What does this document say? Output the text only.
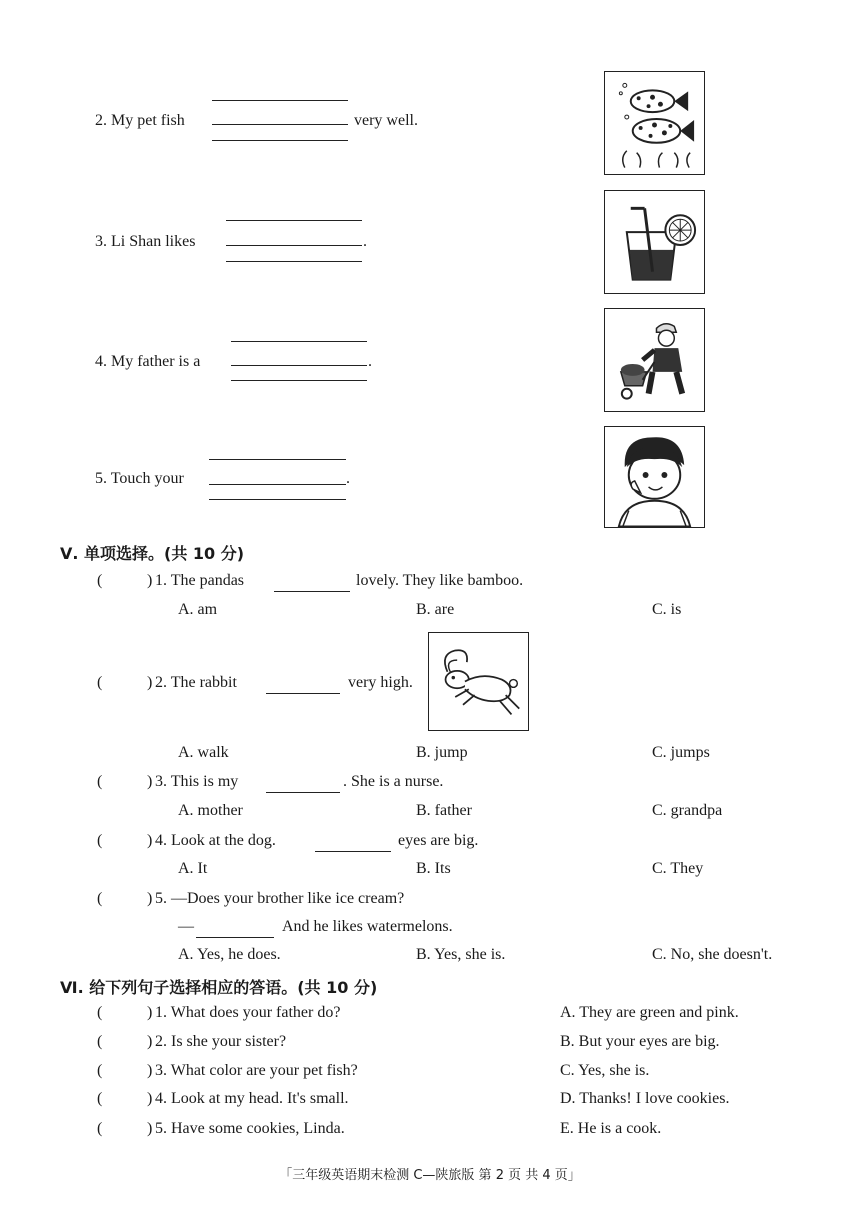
2. My pet fish	very well.
3. Li Shan likes	.
4. My father is a	.
5. Touch your	.
Ⅴ. 单项选择。(共 10 分)
(	) 1. The pandas	lovely. They like bamboo.
A. am	B. are	C. is
(	) 2. The rabbit	very high.
A. walk	B. jump	C. jumps
(	) 3. This is my	. She is a nurse.
A. mother	B. father	C. grandpa
(	) 4. Look at the dog.	eyes are big.
A. It	B. Its	C. They
(	) 5. —Does your brother like ice cream?
—	And he likes watermelons.
A. Yes, he does.	B. Yes, she is.	C. No, she doesn't.
Ⅵ. 给下列句子选择相应的答语。(共 10 分)
(	) 1. What does your father do?	A. They are green and pink.
(	) 2. Is she your sister?	B. But your eyes are big.
(	) 3. What color are your pet fish?	C. Yes, she is.
(	) 4. Look at my head. It's small.	D. Thanks! I love cookies.
(	) 5. Have some cookies, Linda.	E. He is a cook.
「三年级英语期末检测 C—陕旅版 第 2 页 共 4 页」
